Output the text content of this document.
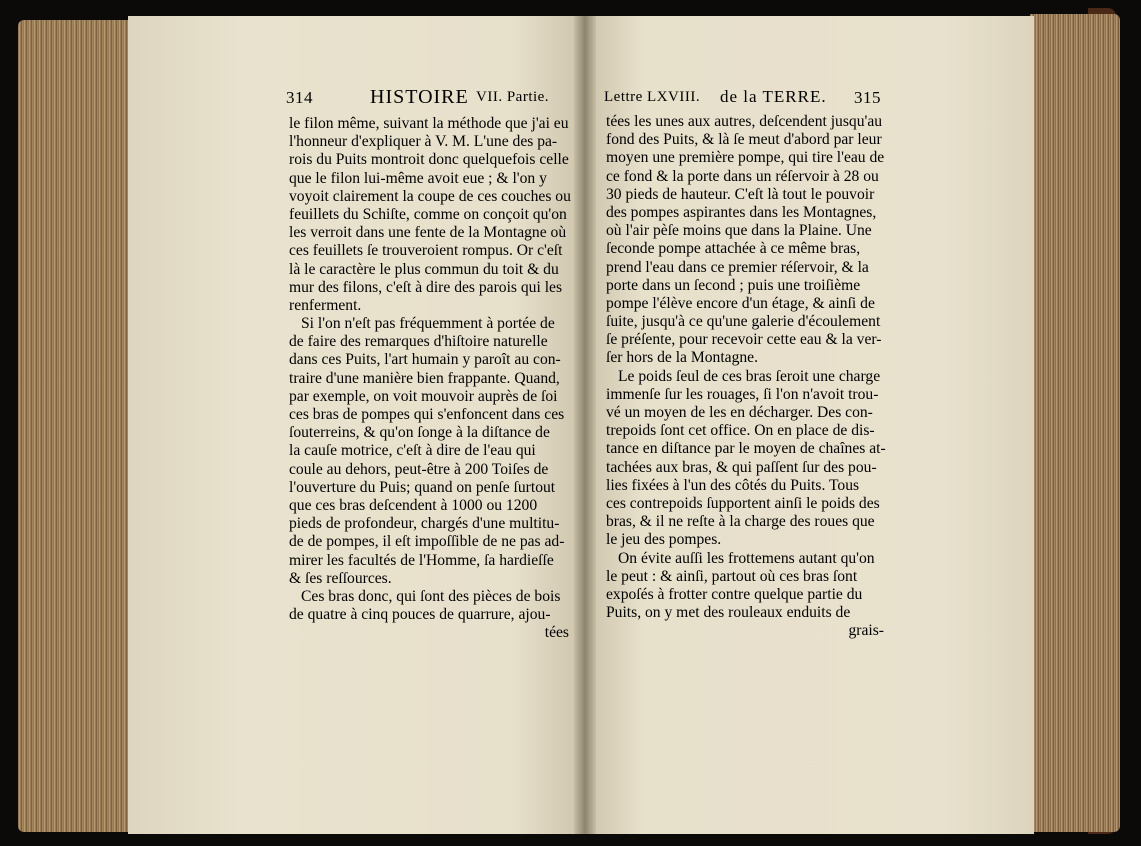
314	HISTOIRE VII. Partie.	Lettre LXVIII. de la TERRE. 315
le filon même, suivant la méthode que j'ai eu
l'honneur d'expliquer à V. M. L'une des pa-
rois du Puits montroit donc quelquefois celle
que le filon lui-même avoit eue ; & l'on y
voyoit clairement la coupe de ces couches ou
feuillets du Schiſte, comme on conçoit qu'on
les verroit dans une fente de la Montagne où
ces feuillets ſe trouveroient rompus. Or c'eſt
là le caractère le plus commun du toit & du
mur des filons, c'eſt à dire des parois qui les
renferment.
Si l'on n'eſt pas fréquemment à portée de
de faire des remarques d'hiſtoire naturelle
dans ces Puits, l'art humain y paroît au con-
traire d'une manière bien frappante. Quand,
par exemple, on voit mouvoir auprès de ſoi
ces bras de pompes qui s'enfoncent dans ces
ſouterreins, & qu'on ſonge à la diſtance de
la cauſe motrice, c'eſt à dire de l'eau qui
coule au dehors, peut-être à 200 Toiſes de
l'ouverture du Puis; quand on penſe ſurtout
que ces bras deſcendent à 1000 ou 1200
pieds de profondeur, chargés d'une multitu-
de de pompes, il eſt impoſſible de ne pas ad-
mirer les facultés de l'Homme, ſa hardieſſe
& ſes reſſources.
Ces bras donc, qui ſont des pièces de bois
de quatre à cinq pouces de quarrure, ajou-
tées
tées les unes aux autres, deſcendent jusqu'au
fond des Puits, & là ſe meut d'abord par leur
moyen une première pompe, qui tire l'eau de
ce fond & la porte dans un réſervoir à 28 ou
30 pieds de hauteur. C'eſt là tout le pouvoir
des pompes aspirantes dans les Montagnes,
où l'air pèſe moins que dans la Plaine. Une
ſeconde pompe attachée à ce même bras,
prend l'eau dans ce premier réſervoir, & la
porte dans un ſecond ; puis une troiſième
pompe l'élève encore d'un étage, & ainſi de
ſuite, jusqu'à ce qu'une galerie d'écoulement
ſe préſente, pour recevoir cette eau & la ver-
ſer hors de la Montagne.
Le poids ſeul de ces bras ſeroit une charge
immenſe ſur les rouages, ſi l'on n'avoit trou-
vé un moyen de les en décharger. Des con-
trepoids ſont cet office. On en place de dis-
tance en diſtance par le moyen de chaînes at-
tachées aux bras, & qui paſſent ſur des pou-
lies fixées à l'un des côtés du Puits. Tous
ces contrepoids ſupportent ainſi le poids des
bras, & il ne reſte à la charge des roues que
le jeu des pompes.
On évite auſſi les frottemens autant qu'on
le peut : & ainſi, partout où ces bras ſont
expoſés à frotter contre quelque partie du
Puits, on y met des rouleaux enduits de
grais-
